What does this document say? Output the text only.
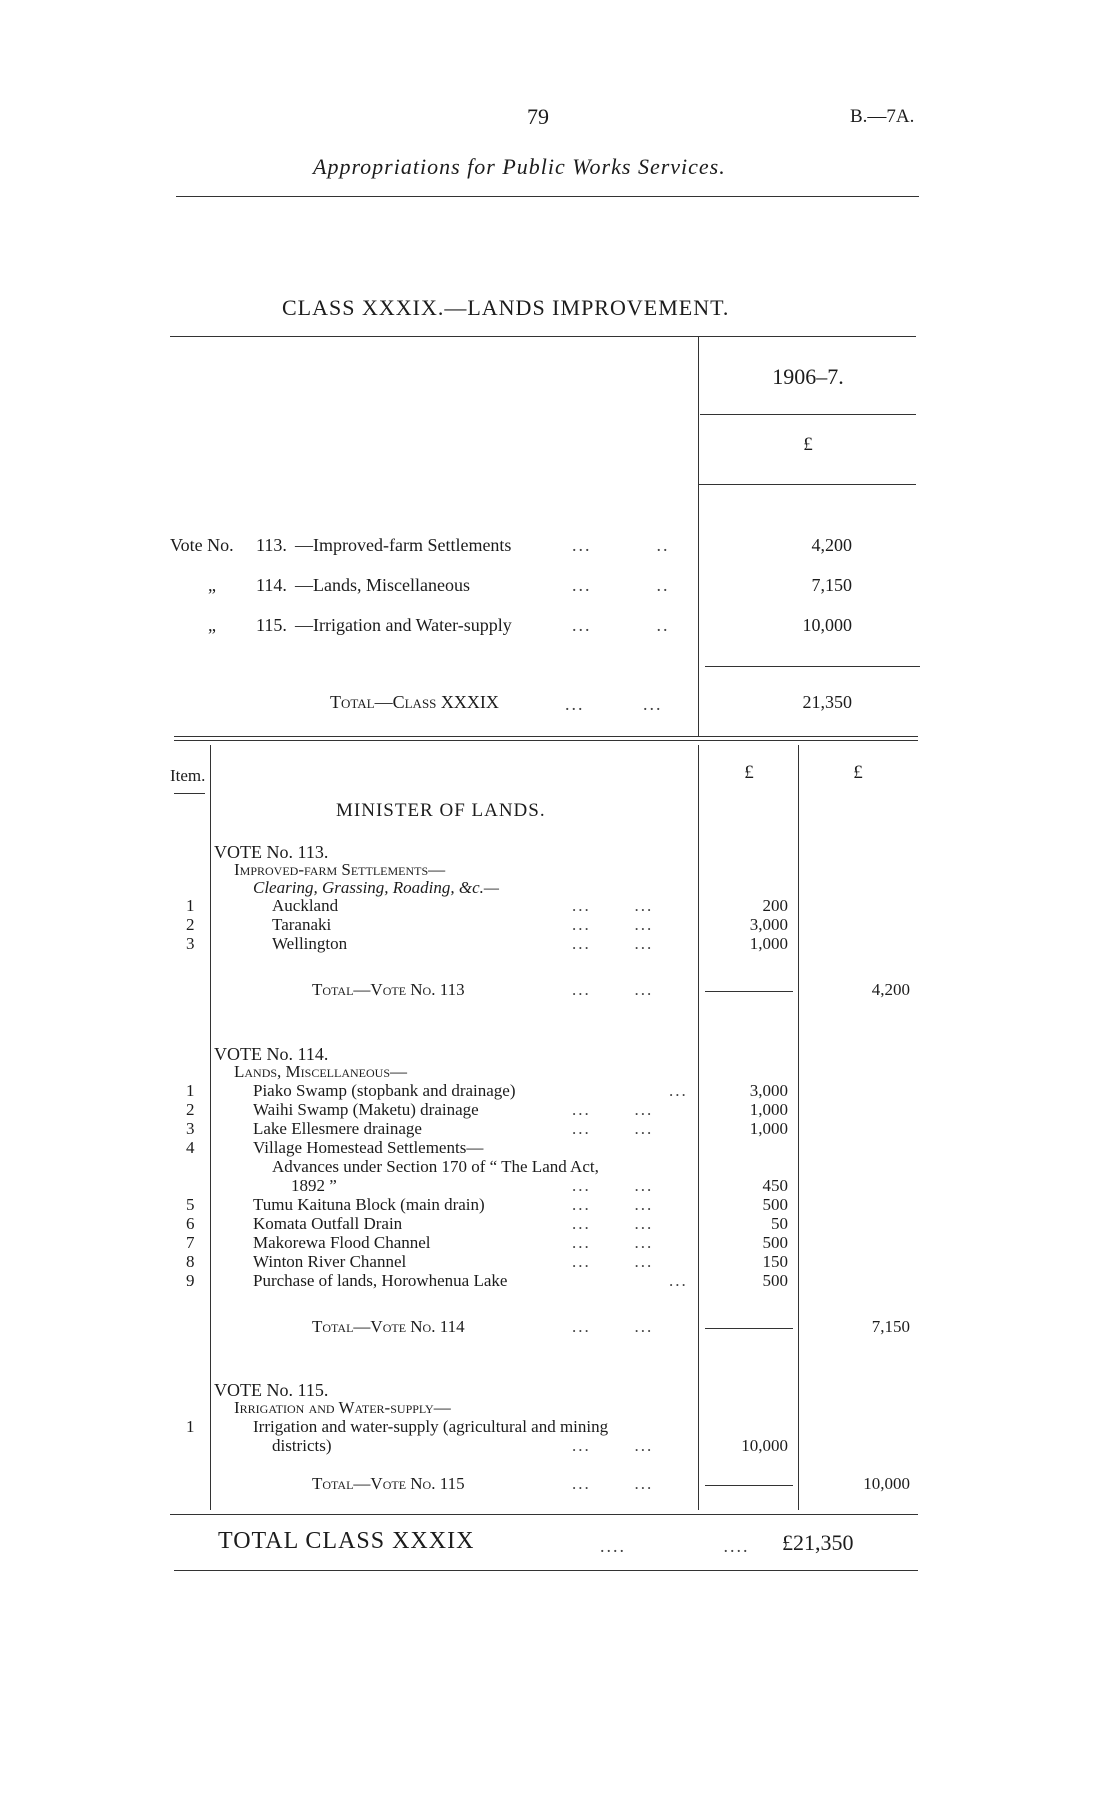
79	B.—7A.
Appropriations for Public Works Services.
CLASS XXXIX.—LANDS IMPROVEMENT.
1906–7.
£
Vote No. 113. —Improved-farm Settlements	...          ..	4,200
„ 114. —Lands, Miscellaneous	...          ..	7,150
„ 115. —Irrigation and Water-supply	...          ..	10,000
Total—Class XXXIX	...         ...	21,350
Item.	£	£
MINISTER OF LANDS.
VOTE No. 113.
Improved-farm Settlements—
Clearing, Grassing, Roading, &c.—
1	Auckland	...       ...	200
2	Taranaki	...       ...	3,000
3	Wellington	...       ...	1,000
Total—Vote No. 113	...       ...	4,200
VOTE No. 114.
Lands, Miscellaneous—
1	Piako Swamp (stopbank and drainage)	...	3,000
2	Waihi Swamp (Maketu) drainage	...       ...	1,000
3	Lake Ellesmere drainage	...       ...	1,000
4	Village Homestead Settlements—
Advances under Section 170 of “ The Land Act,
1892 ”	...       ...	450
5	Tumu Kaituna Block (main drain)	...       ...	500
6	Komata Outfall Drain	...       ...	50
7	Makorewa Flood Channel	...       ...	500
8	Winton River Channel	...       ...	150
9	Purchase of lands, Horowhenua Lake	...	500
Total—Vote No. 114	...       ...	7,150
VOTE No. 115.
Irrigation and Water-supply—
1	Irrigation and water-supply (agricultural and mining
districts)	...       ...	10,000
Total—Vote No. 115	...       ...	10,000
TOTAL CLASS XXXIX	....               .... £21,350
